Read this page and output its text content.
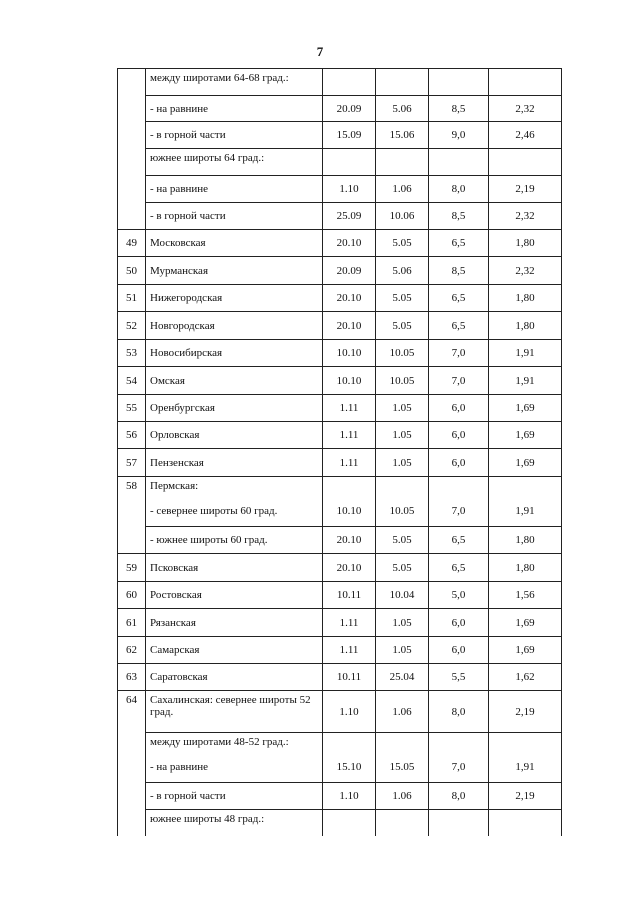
7
	между широтами 64-68 град.:				
	- на равнине	20.09	5.06	8,5	2,32
	- в горной части	15.09	15.06	9,0	2,46
	южнее широты 64 град.:				
	- на равнине	1.10	1.06	8,0	2,19
	- в горной части	25.09	10.06	8,5	2,32
49	Московская	20.10	5.05	6,5	1,80
50	Мурманская	20.09	5.06	8,5	2,32
51	Нижегородская	20.10	5.05	6,5	1,80
52	Новгородская	20.10	5.05	6,5	1,80
53	Новосибирская	10.10	10.05	7,0	1,91
54	Омская	10.10	10.05	7,0	1,91
55	Оренбургская	1.11	1.05	6,0	1,69
56	Орловская	1.11	1.05	6,0	1,69
57	Пензенская	1.11	1.05	6,0	1,69
58	Пермская:				
	- севернее широты 60 град.	10.10	10.05	7,0	1,91
	- южнее широты 60 град.	20.10	5.05	6,5	1,80
59	Псковская	20.10	5.05	6,5	1,80
60	Ростовская	10.11	10.04	5,0	1,56
61	Рязанская	1.11	1.05	6,0	1,69
62	Самарская	1.11	1.05	6,0	1,69
63	Саратовская	10.11	25.04	5,5	1,62
64	Сахалинская: севернее широты 52 град.	1.10	1.06	8,0	2,19
	между широтами 48-52 град.:				
	- на равнине	15.10	15.05	7,0	1,91
	- в горной части	1.10	1.06	8,0	2,19
	южнее широты 48 град.:				
